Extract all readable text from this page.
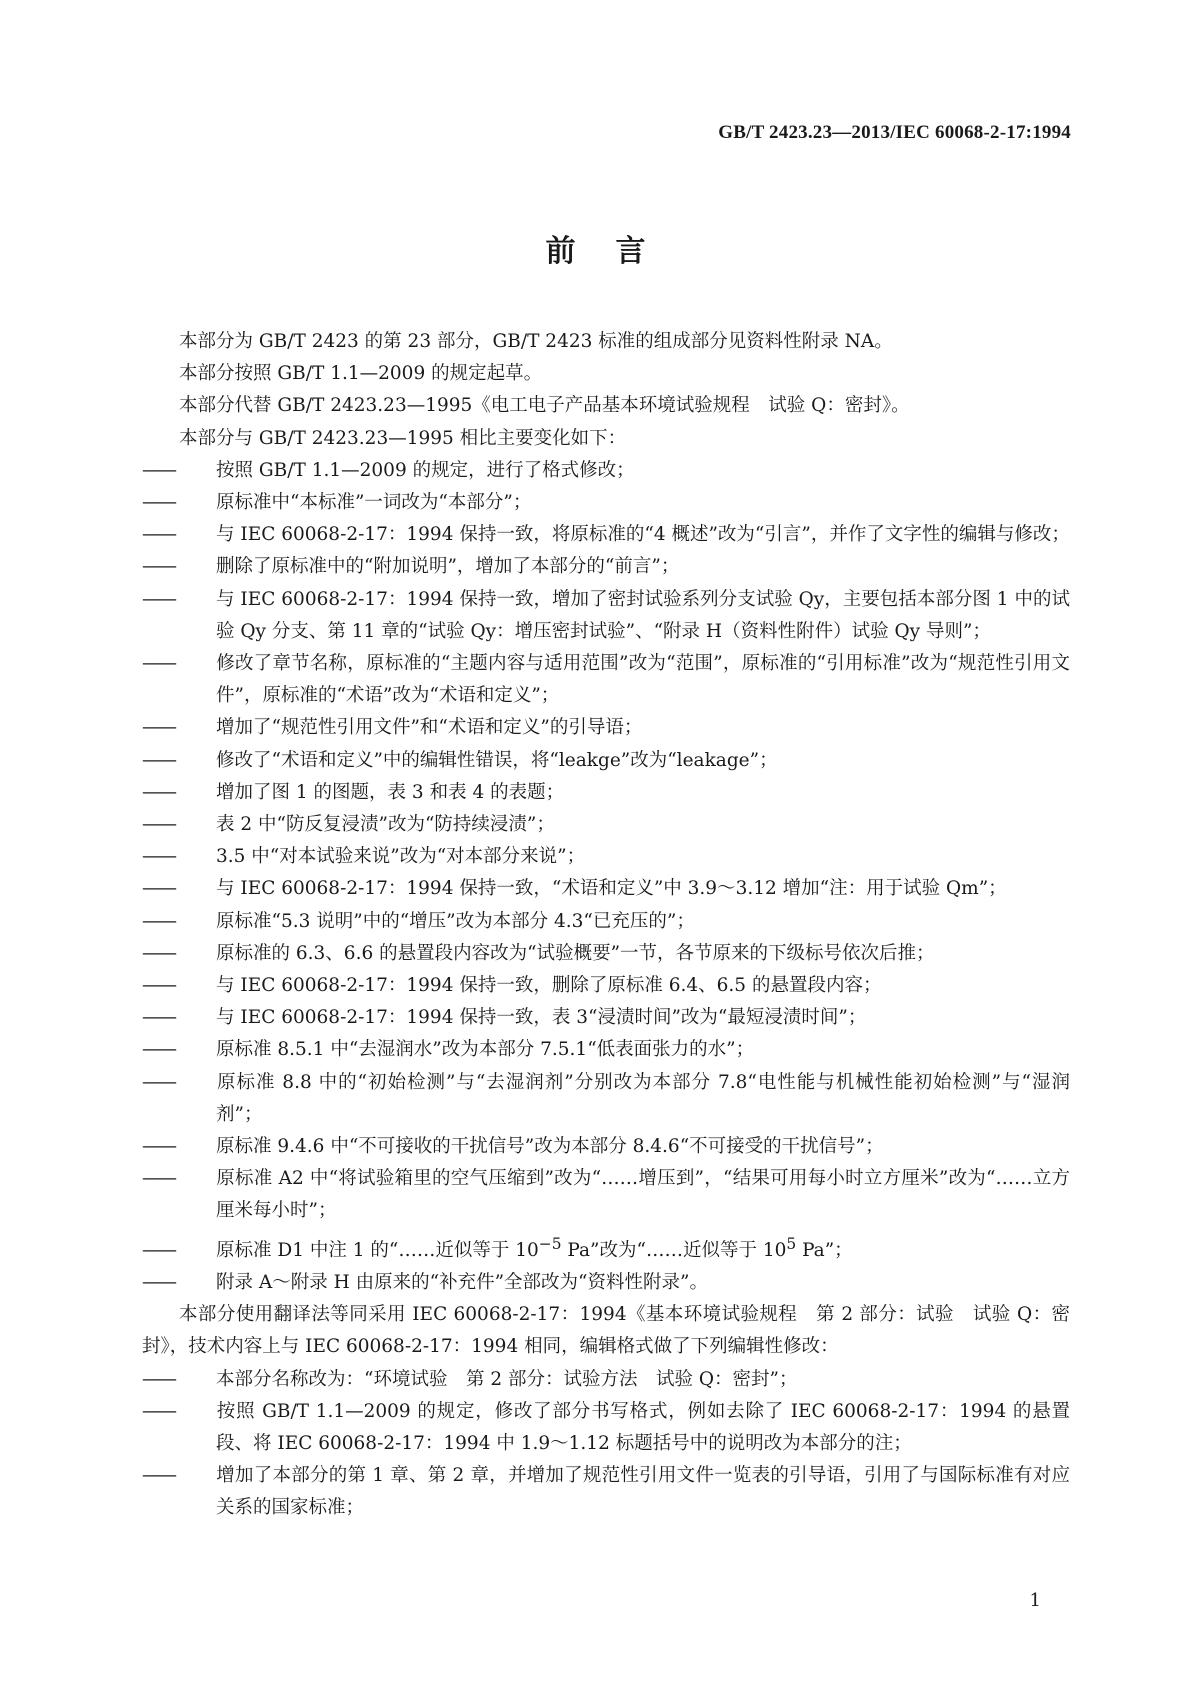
GB/T 2423.23—2013/IEC 60068-2-17:1994
前言

本部分为 GB/T 2423 的第 23 部分，GB/T 2423 标准的组成部分见资料性附录 NA。

本部分按照 GB/T 1.1—2009 的规定起草。

本部分代替 GB/T 2423.23—1995《电工电子产品基本环境试验规程　试验 Q：密封》。

本部分与 GB/T 2423.23—1995 相比主要变化如下：

—— 按照 GB/T 1.1—2009 的规定，进行了格式修改；

—— 原标准中“本标准”一词改为“本部分”；

—— 与 IEC 60068-2-17：1994 保持一致，将原标准的“4 概述”改为“引言”，并作了文字性的编辑与修改；

—— 删除了原标准中的“附加说明”，增加了本部分的“前言”；

—— 与 IEC 60068-2-17：1994 保持一致，增加了密封试验系列分支试验 Qy，主要包括本部分图 1 中的试验 Qy 分支、第 11 章的“试验 Qy：增压密封试验”、“附录 H（资料性附件）试验 Qy 导则”；

—— 修改了章节名称，原标准的“主题内容与适用范围”改为“范围”，原标准的“引用标准”改为“规范性引用文件”，原标准的“术语”改为“术语和定义”；

—— 增加了“规范性引用文件”和“术语和定义”的引导语；

—— 修改了“术语和定义”中的编辑性错误，将“leakge”改为“leakage”；

—— 增加了图 1 的图题，表 3 和表 4 的表题；

—— 表 2 中“防反复浸渍”改为“防持续浸渍”；

—— 3.5 中“对本试验来说”改为“对本部分来说”；

—— 与 IEC 60068-2-17：1994 保持一致，“术语和定义”中 3.9～3.12 增加“注：用于试验 Qm”；

—— 原标准“5.3 说明”中的“增压”改为本部分 4.3“已充压的”；

—— 原标准的 6.3、6.6 的悬置段内容改为“试验概要”一节，各节原来的下级标号依次后推；

—— 与 IEC 60068-2-17：1994 保持一致，删除了原标准 6.4、6.5 的悬置段内容；

—— 与 IEC 60068-2-17：1994 保持一致，表 3“浸渍时间”改为“最短浸渍时间”；

—— 原标准 8.5.1 中“去湿润水”改为本部分 7.5.1“低表面张力的水”；

—— 原标准 8.8 中的“初始检测”与“去湿润剂”分别改为本部分 7.8“电性能与机械性能初始检测”与“湿润剂”；

—— 原标准 9.4.6 中“不可接收的干扰信号”改为本部分 8.4.6“不可接受的干扰信号”；

—— 原标准 A2 中“将试验箱里的空气压缩到”改为“……增压到”，“结果可用每小时立方厘米”改为“……立方厘米每小时”；

—— 原标准 D1 中注 1 的“……近似等于 $10^{-5}$ Pa”改为“……近似等于 $10^5$ Pa”；

—— 附录 A～附录 H 由原来的“补充件”全部改为“资料性附录”。

本部分使用翻译法等同采用 IEC 60068-2-17：1994《基本环境试验规程　第 2 部分：试验　试验 Q：密封》，技术内容上与 IEC 60068-2-17：1994 相同，编辑格式做了下列编辑性修改：

—— 本部分名称改为：“环境试验　第 2 部分：试验方法　试验 Q：密封”；

—— 按照 GB/T 1.1—2009 的规定，修改了部分书写格式，例如去除了 IEC 60068-2-17：1994 的悬置段、将 IEC 60068-2-17：1994 中 1.9～1.12 标题括号中的说明改为本部分的注；

—— 增加了本部分的第 1 章、第 2 章，并增加了规范性引用文件一览表的引导语，引用了与国际标准有对应关系的国家标准；

1
